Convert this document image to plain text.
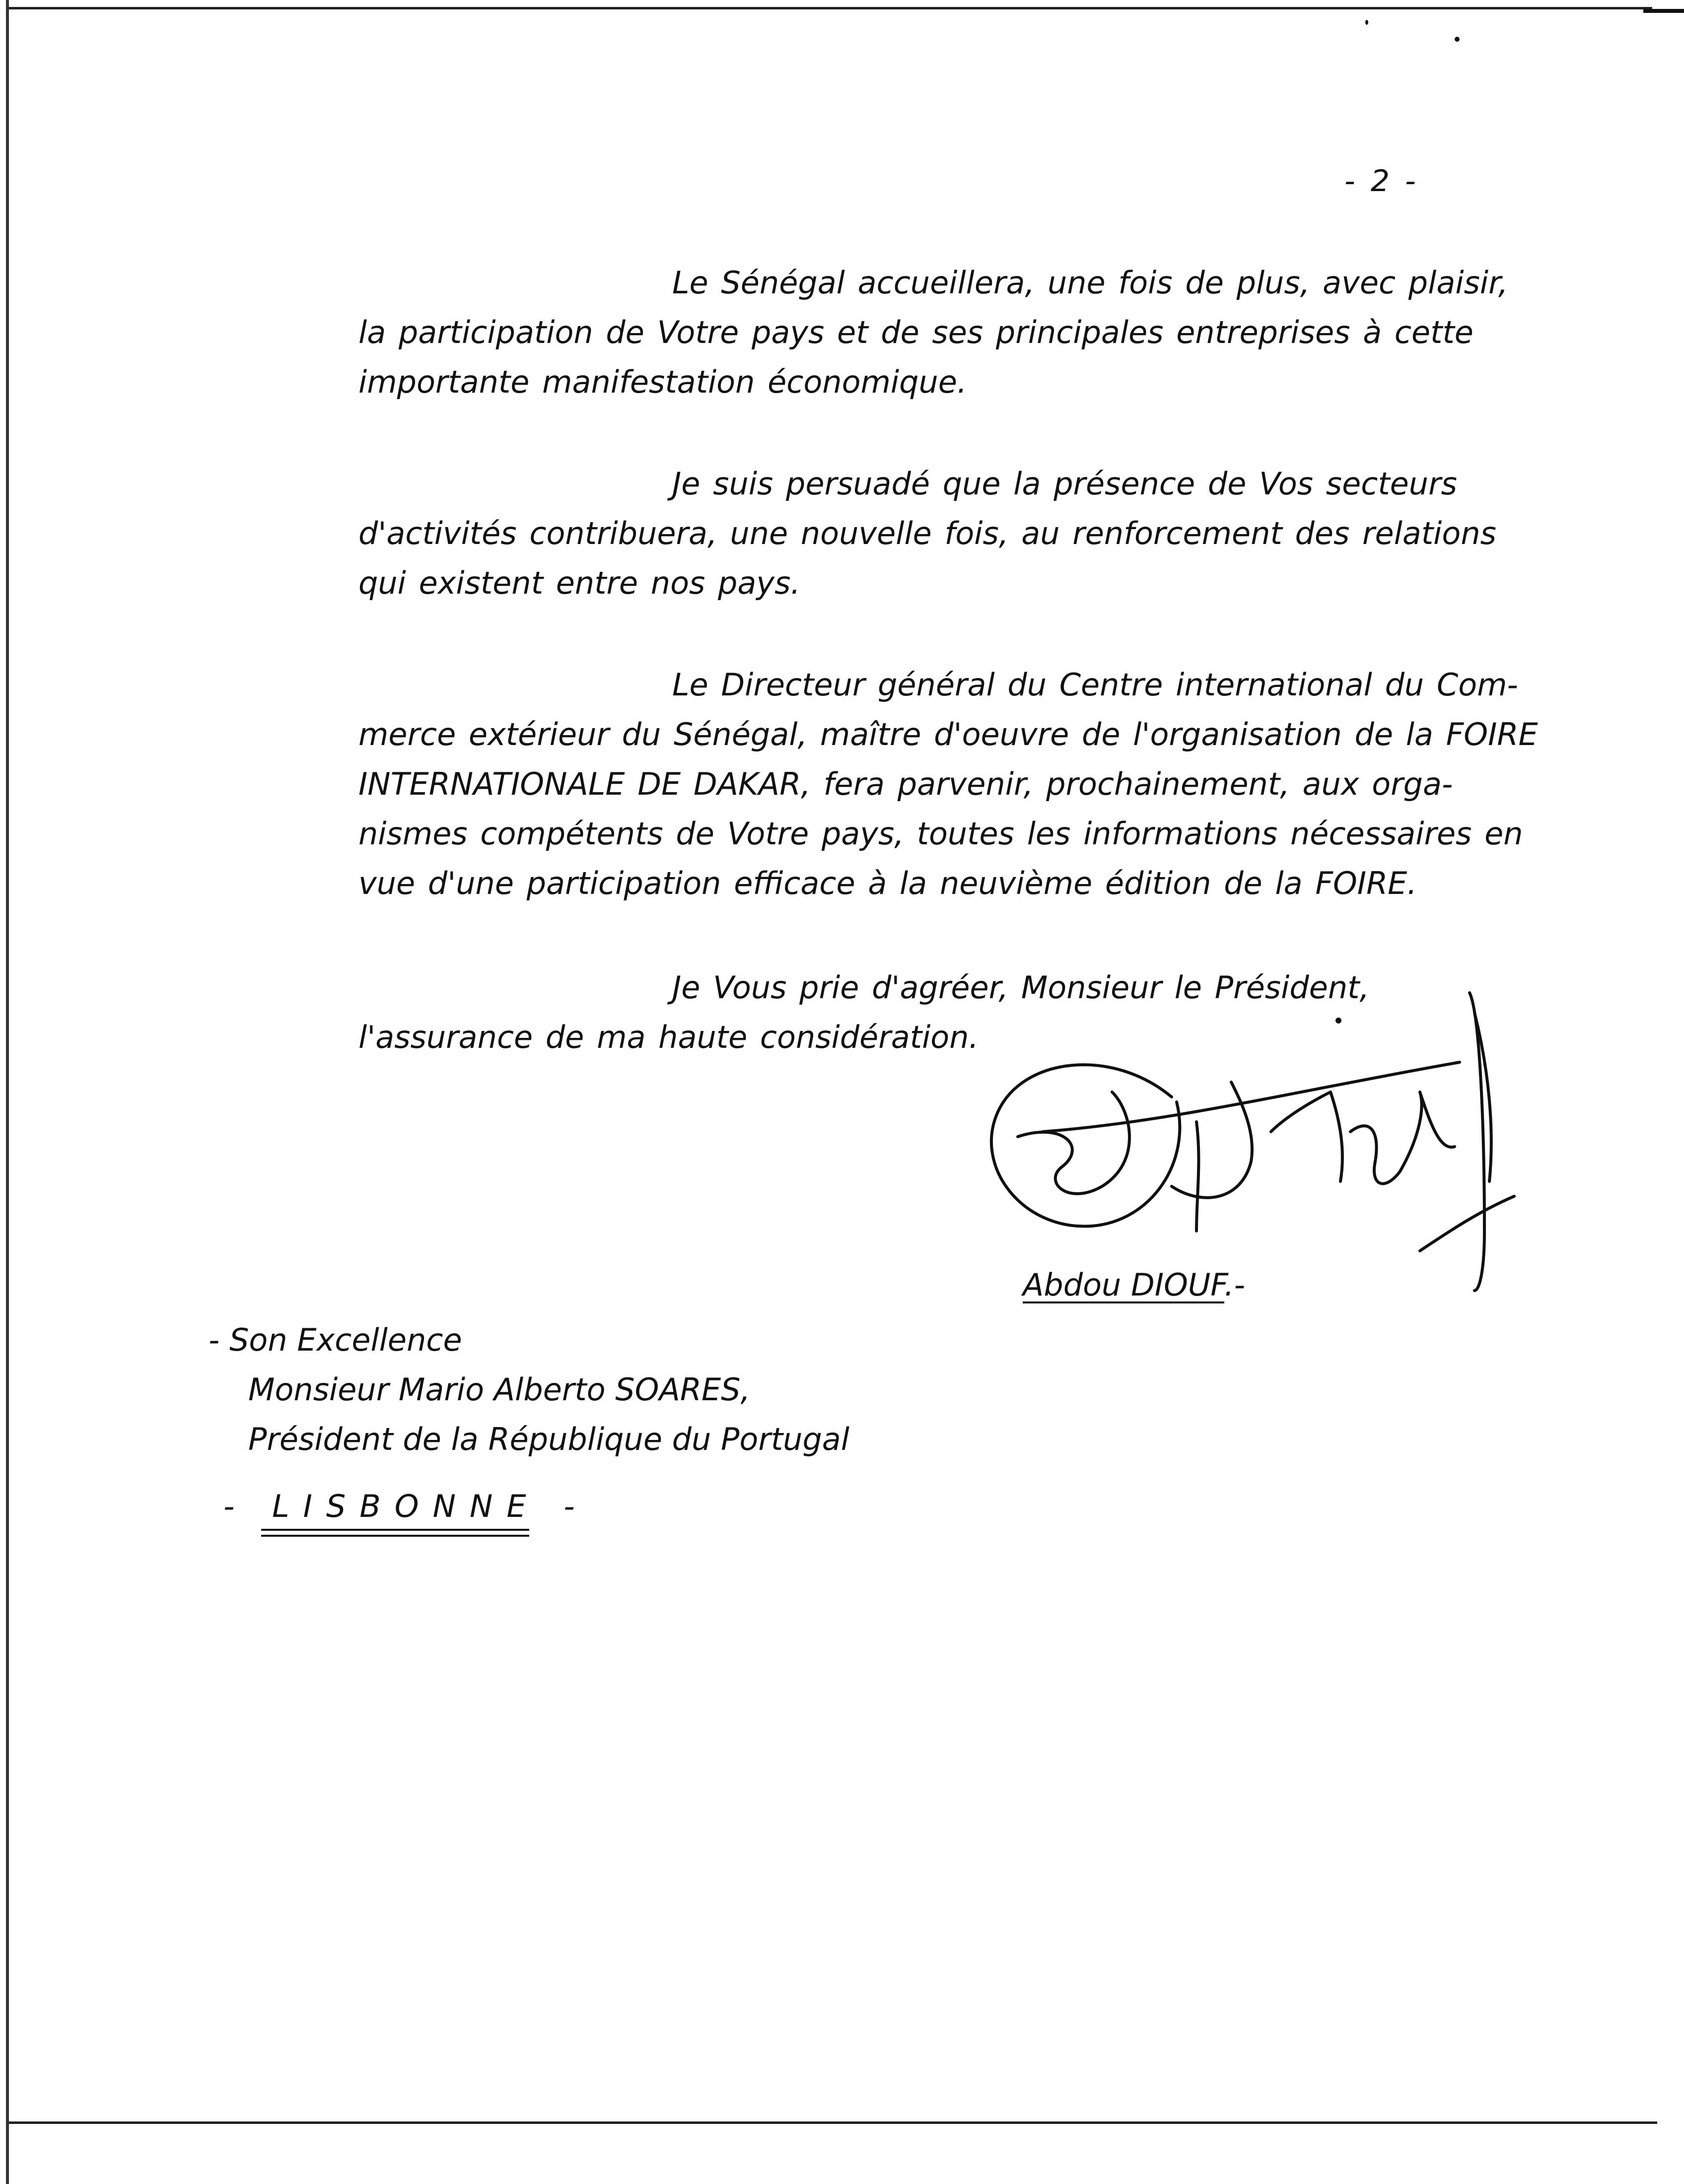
- 2 -
Le Sénégal accueillera, une fois de plus, avec plaisir,
la participation de Votre pays et de ses principales entreprises à cette
importante manifestation économique.
Je suis persuadé que la présence de Vos secteurs
d'activités contribuera, une nouvelle fois, au renforcement des relations
qui existent entre nos pays.
Le Directeur général du Centre international du Com-
merce extérieur du Sénégal, maître d'oeuvre de l'organisation de la FOIRE
INTERNATIONALE DE DAKAR, fera parvenir, prochainement, aux orga-
nismes compétents de Votre pays, toutes les informations nécessaires en
vue d'une participation efficace à la neuvième édition de la FOIRE.
Je Vous prie d'agréer, Monsieur le Président,
l'assurance de ma haute considération.
Abdou DIOUF.-
- Son Excellence
Monsieur Mario Alberto SOARES,
Président de la République du Portugal
- LISBONNE -
